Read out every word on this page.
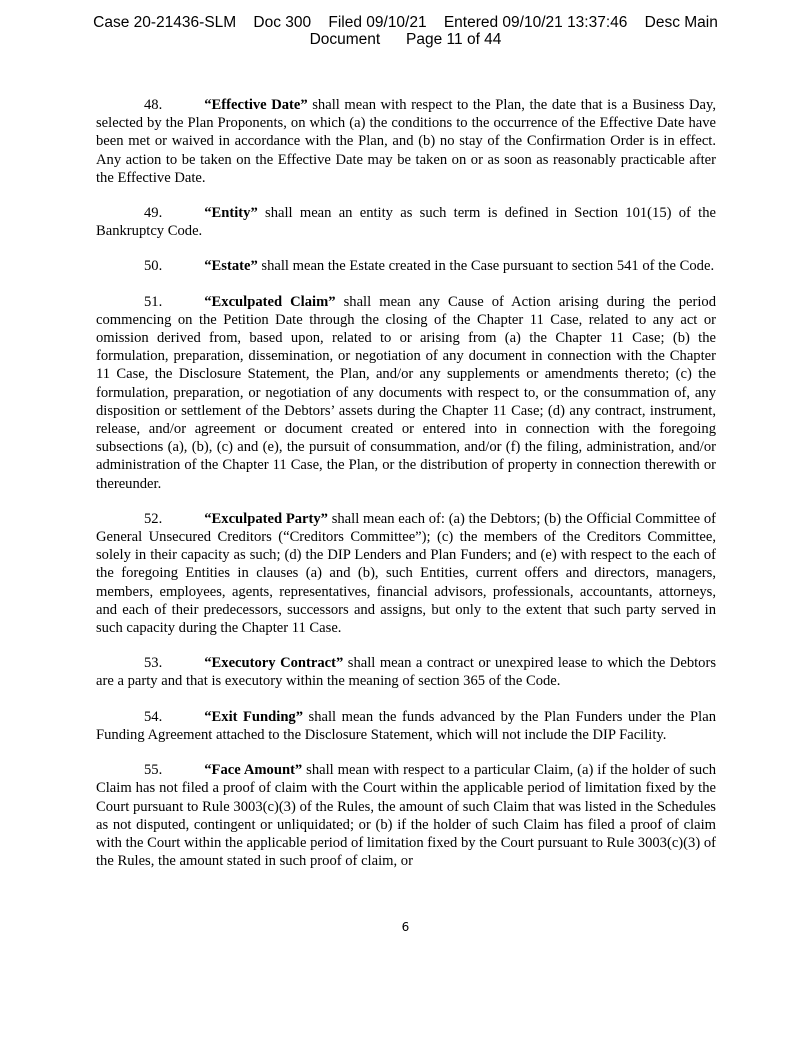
Case 20-21436-SLM    Doc 300    Filed 09/10/21    Entered 09/10/21 13:37:46    Desc Main
Document      Page 11 of 44

48.	“Effective Date” shall mean with respect to the Plan, the date that is a Business Day, selected by the Plan Proponents, on which (a) the conditions to the occurrence of the Effective Date have been met or waived in accordance with the Plan, and (b) no stay of the Confirmation Order is in effect. Any action to be taken on the Effective Date may be taken on or as soon as reasonably practicable after the Effective Date.

49.	“Entity” shall mean an entity as such term is defined in Section 101(15) of the Bankruptcy Code.

50.	“Estate” shall mean the Estate created in the Case pursuant to section 541 of the Code.

51.	“Exculpated Claim” shall mean any Cause of Action arising during the period commencing on the Petition Date through the closing of the Chapter 11 Case, related to any act or omission derived from, based upon, related to or arising from (a) the Chapter 11 Case; (b) the formulation, preparation, dissemination, or negotiation of any document in connection with the Chapter 11 Case, the Disclosure Statement, the Plan, and/or any supplements or amendments thereto; (c) the formulation, preparation, or negotiation of any documents with respect to, or the consummation of, any disposition or settlement of the Debtors’ assets during the Chapter 11 Case; (d) any contract, instrument, release, and/or agreement or document created or entered into in connection with the foregoing subsections (a), (b), (c) and (e), the pursuit of consummation, and/or (f) the filing, administration, and/or administration of the Chapter 11 Case, the Plan, or the distribution of property in connection therewith or thereunder.

52.	“Exculpated Party” shall mean each of: (a) the Debtors; (b) the Official Committee of General Unsecured Creditors (“Creditors Committee”); (c) the members of the Creditors Committee, solely in their capacity as such; (d) the DIP Lenders and Plan Funders; and (e) with respect to the each of the foregoing Entities in clauses (a) and (b), such Entities, current offers and directors, managers, members, employees, agents, representatives, financial advisors, professionals, accountants, attorneys, and each of their predecessors, successors and assigns, but only to the extent that such party served in such capacity during the Chapter 11 Case.

53.	“Executory Contract” shall mean a contract or unexpired lease to which the Debtors are a party and that is executory within the meaning of section 365 of the Code.

54.	“Exit Funding” shall mean the funds advanced by the Plan Funders under the Plan Funding Agreement attached to the Disclosure Statement, which will not include the DIP Facility.

55.	“Face Amount” shall mean with respect to a particular Claim, (a) if the holder of such Claim has not filed a proof of claim with the Court within the applicable period of limitation fixed by the Court pursuant to Rule 3003(c)(3) of the Rules, the amount of such Claim that was listed in the Schedules as not disputed, contingent or unliquidated; or (b) if the holder of such Claim has filed a proof of claim with the Court within the applicable period of limitation fixed by the Court pursuant to Rule 3003(c)(3) of the Rules, the amount stated in such proof of claim, or

6
